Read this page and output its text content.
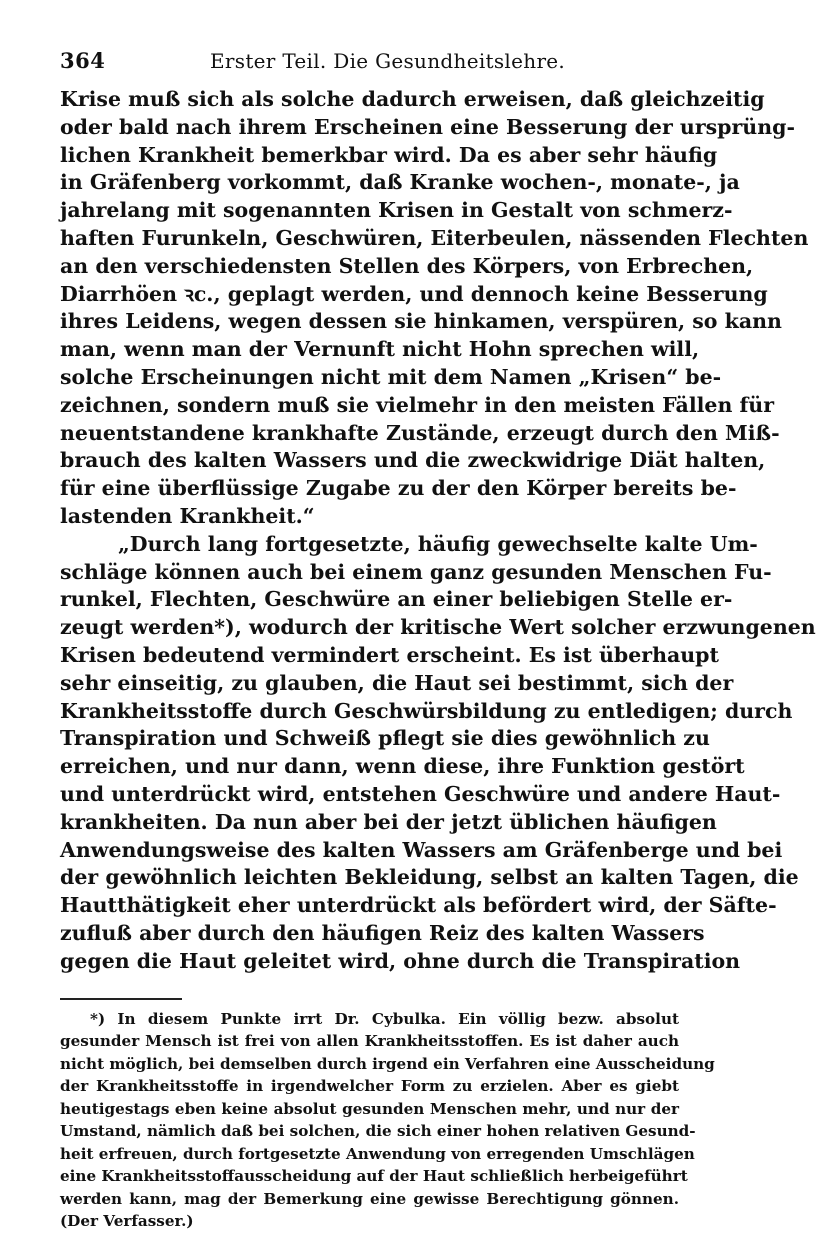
364	Erster Teil. Die Gesundheitslehre.
Krise muß sich als solche dadurch erweisen, daß gleichzeitig
oder bald nach ihrem Erscheinen eine Besserung der ursprüng-
lichen Krankheit bemerkbar wird. Da es aber sehr häufig
in Gräfenberg vorkommt, daß Kranke wochen-, monate-, ja
jahrelang mit sogenannten Krisen in Gestalt von schmerz-
haften Furunkeln, Geschwüren, Eiterbeulen, nässenden Flechten
an den verschiedensten Stellen des Körpers, von Erbrechen,
Diarrhöen ꝛc., geplagt werden, und dennoch keine Besserung
ihres Leidens, wegen dessen sie hinkamen, verspüren, so kann
man, wenn man der Vernunft nicht Hohn sprechen will,
solche Erscheinungen nicht mit dem Namen „Krisen“ be-
zeichnen, sondern muß sie vielmehr in den meisten Fällen für
neuentstandene krankhafte Zustände, erzeugt durch den Miß-
brauch des kalten Wassers und die zweckwidrige Diät halten,
für eine überflüssige Zugabe zu der den Körper bereits be-
lastenden Krankheit.“
„Durch lang fortgesetzte, häufig gewechselte kalte Um-
schläge können auch bei einem ganz gesunden Menschen Fu-
runkel, Flechten, Geschwüre an einer beliebigen Stelle er-
zeugt werden*), wodurch der kritische Wert solcher erzwungenen
Krisen bedeutend vermindert erscheint. Es ist überhaupt
sehr einseitig, zu glauben, die Haut sei bestimmt, sich der
Krankheitsstoffe durch Geschwürsbildung zu entledigen; durch
Transpiration und Schweiß pflegt sie dies gewöhnlich zu
erreichen, und nur dann, wenn diese, ihre Funktion gestört
und unterdrückt wird, entstehen Geschwüre und andere Haut-
krankheiten. Da nun aber bei der jetzt üblichen häufigen
Anwendungsweise des kalten Wassers am Gräfenberge und bei
der gewöhnlich leichten Bekleidung, selbst an kalten Tagen, die
Hautthätigkeit eher unterdrückt als befördert wird, der Säfte-
zufluß aber durch den häufigen Reiz des kalten Wassers
gegen die Haut geleitet wird, ohne durch die Transpiration
*) In diesem Punkte irrt Dr. Cybulka. Ein völlig bezw. absolut
gesunder Mensch ist frei von allen Krankheitsstoffen. Es ist daher auch
nicht möglich, bei demselben durch irgend ein Verfahren eine Ausscheidung
der Krankheitsstoffe in irgendwelcher Form zu erzielen. Aber es giebt
heutigestags eben keine absolut gesunden Menschen mehr, und nur der
Umstand, nämlich daß bei solchen, die sich einer hohen relativen Gesund-
heit erfreuen, durch fortgesetzte Anwendung von erregenden Umschlägen
eine Krankheitsstoffausscheidung auf der Haut schließlich herbeigeführt
werden kann, mag der Bemerkung eine gewisse Berechtigung gönnen.
(Der Verfasser.)
